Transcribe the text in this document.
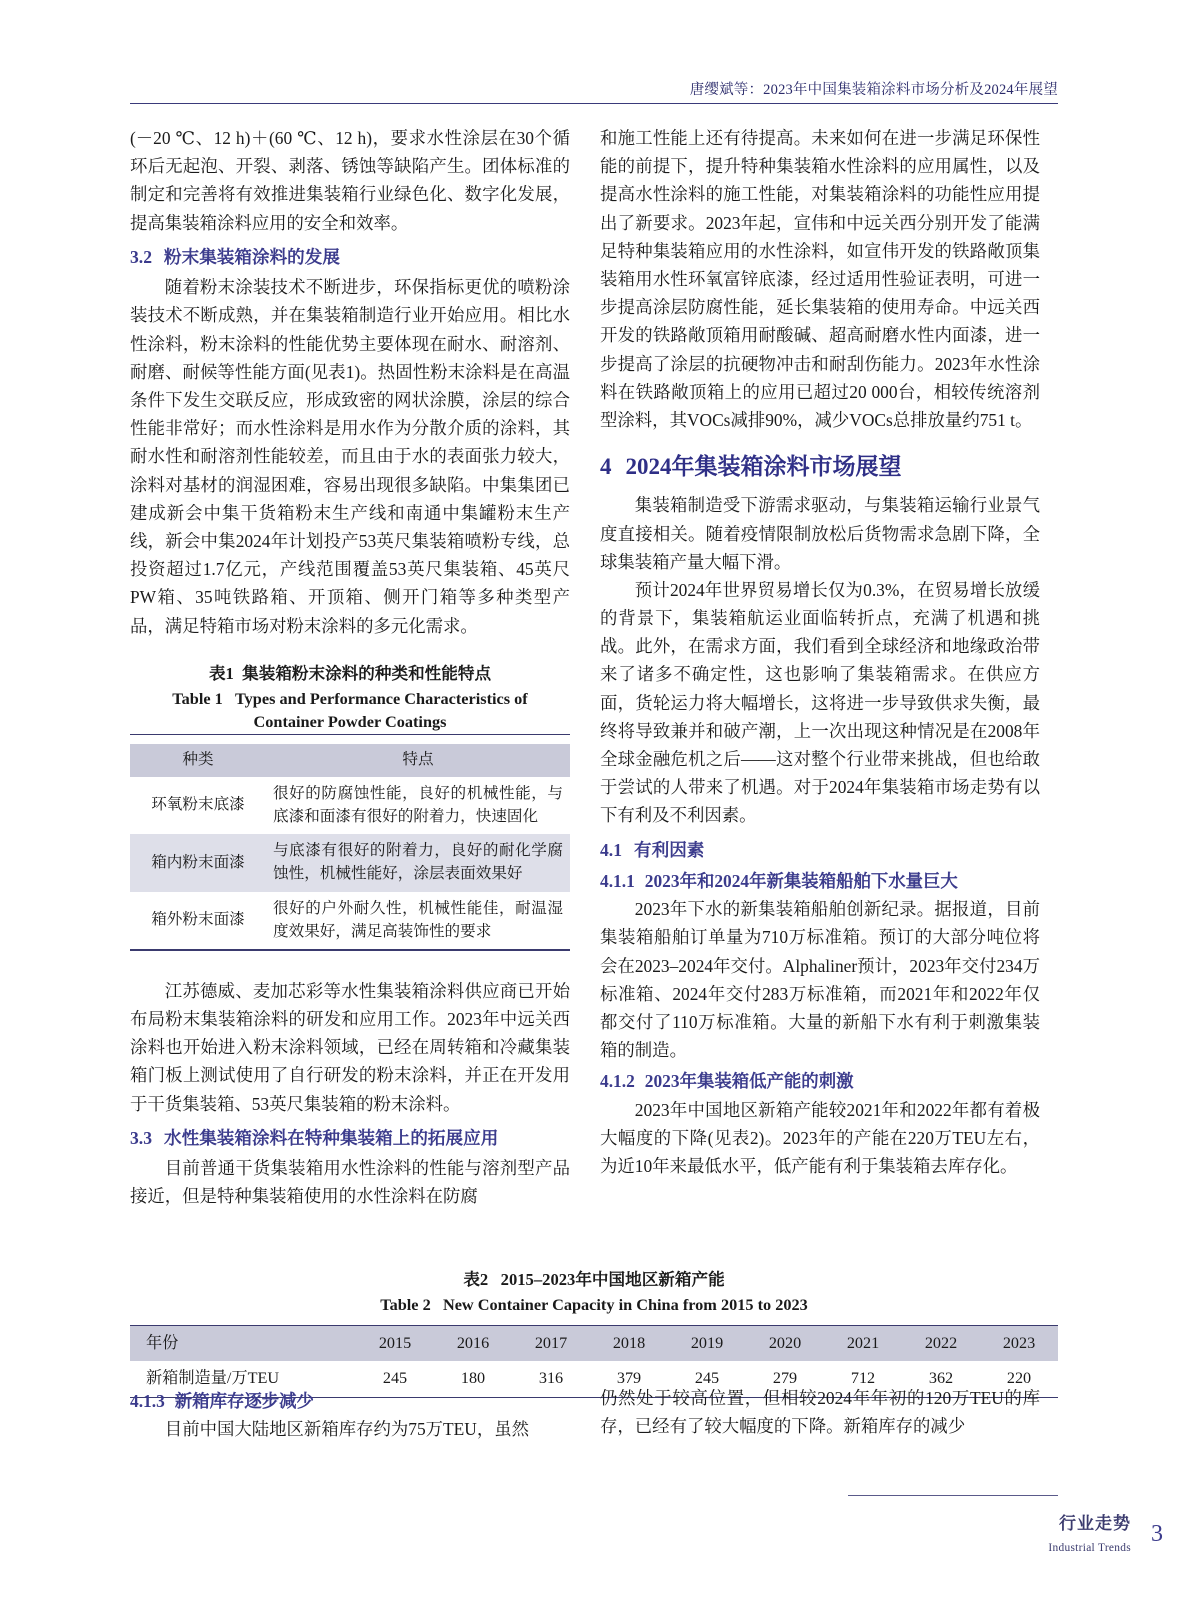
唐缨斌等：2023年中国集装箱涂料市场分析及2024年展望

(－20 ℃、12 h)＋(60 ℃、12 h)，要求水性涂层在30个循环后无起泡、开裂、剥落、锈蚀等缺陷产生。团体标准的制定和完善将有效推进集装箱行业绿色化、数字化发展，提高集装箱涂料应用的安全和效率。

3.2 粉末集装箱涂料的发展

随着粉末涂装技术不断进步，环保指标更优的喷粉涂装技术不断成熟，并在集装箱制造行业开始应用。相比水性涂料，粉末涂料的性能优势主要体现在耐水、耐溶剂、耐磨、耐候等性能方面(见表1)。热固性粉末涂料是在高温条件下发生交联反应，形成致密的网状涂膜，涂层的综合性能非常好；而水性涂料是用水作为分散介质的涂料，其耐水性和耐溶剂性能较差，而且由于水的表面张力较大，涂料对基材的润湿困难，容易出现很多缺陷。中集集团已建成新会中集干货箱粉末生产线和南通中集罐粉末生产线，新会中集2024年计划投产53英尺集装箱喷粉专线，总投资超过1.7亿元，产线范围覆盖53英尺集装箱、45英尺PW箱、35吨铁路箱、开顶箱、侧开门箱等多种类型产品，满足特箱市场对粉末涂料的多元化需求。

表1 集装箱粉末涂料的种类和性能特点
Table 1 Types and Performance Characteristics of
Container Powder Coatings
种类	特点
环氧粉末底漆	很好的防腐蚀性能，良好的机械性能，与底漆和面漆有很好的附着力，快速固化
箱内粉末面漆	与底漆有很好的附着力，良好的耐化学腐蚀性，机械性能好，涂层表面效果好
箱外粉末面漆	很好的户外耐久性，机械性能佳，耐温湿度效果好，满足高装饰性的要求

江苏德威、麦加芯彩等水性集装箱涂料供应商已开始布局粉末集装箱涂料的研发和应用工作。2023年中远关西涂料也开始进入粉末涂料领域，已经在周转箱和冷藏集装箱门板上测试使用了自行研发的粉末涂料，并正在开发用于干货集装箱、53英尺集装箱的粉末涂料。

3.3 水性集装箱涂料在特种集装箱上的拓展应用

目前普通干货集装箱用水性涂料的性能与溶剂型产品接近，但是特种集装箱使用的水性涂料在防腐

和施工性能上还有待提高。未来如何在进一步满足环保性能的前提下，提升特种集装箱水性涂料的应用属性，以及提高水性涂料的施工性能，对集装箱涂料的功能性应用提出了新要求。2023年起，宣伟和中远关西分别开发了能满足特种集装箱应用的水性涂料，如宣伟开发的铁路敞顶集装箱用水性环氧富锌底漆，经过适用性验证表明，可进一步提高涂层防腐性能，延长集装箱的使用寿命。中远关西开发的铁路敞顶箱用耐酸碱、超高耐磨水性内面漆，进一步提高了涂层的抗硬物冲击和耐刮伤能力。2023年水性涂料在铁路敞顶箱上的应用已超过20 000台，相较传统溶剂型涂料，其VOCs减排90%，减少VOCs总排放量约751 t。

4 2024年集装箱涂料市场展望

集装箱制造受下游需求驱动，与集装箱运输行业景气度直接相关。随着疫情限制放松后货物需求急剧下降，全球集装箱产量大幅下滑。

预计2024年世界贸易增长仅为0.3%，在贸易增长放缓的背景下，集装箱航运业面临转折点，充满了机遇和挑战。此外，在需求方面，我们看到全球经济和地缘政治带来了诸多不确定性，这也影响了集装箱需求。在供应方面，货轮运力将大幅增长，这将进一步导致供求失衡，最终将导致兼并和破产潮，上一次出现这种情况是在2008年全球金融危机之后——这对整个行业带来挑战，但也给敢于尝试的人带来了机遇。对于2024年集装箱市场走势有以下有利及不利因素。

4.1 有利因素
4.1.1 2023年和2024年新集装箱船舶下水量巨大

2023年下水的新集装箱船舶创新纪录。据报道，目前集装箱船舶订单量为710万标准箱。预订的大部分吨位将会在2023–2024年交付。Alphaliner预计，2023年交付234万标准箱、2024年交付283万标准箱，而2021年和2022年仅都交付了110万标准箱。大量的新船下水有利于刺激集装箱的制造。

4.1.2 2023年集装箱低产能的刺激

2023年中国地区新箱产能较2021年和2022年都有着极大幅度的下降(见表2)。2023年的产能在220万TEU左右，为近10年来最低水平，低产能有利于集装箱去库存化。

表2 2015–2023年中国地区新箱产能
Table 2 New Container Capacity in China from 2015 to 2023
年份	2015	2016	2017	2018	2019	2020	2021	2022	2023
新箱制造量/万TEU	245	180	316	379	245	279	712	362	220
4.1.3 新箱库存逐步减少

目前中国大陆地区新箱库存约为75万TEU，虽然

仍然处于较高位置，但相较2024年年初的120万TEU的库存，已经有了较大幅度的下降。新箱库存的减少

行业走势
Industrial Trends
3
